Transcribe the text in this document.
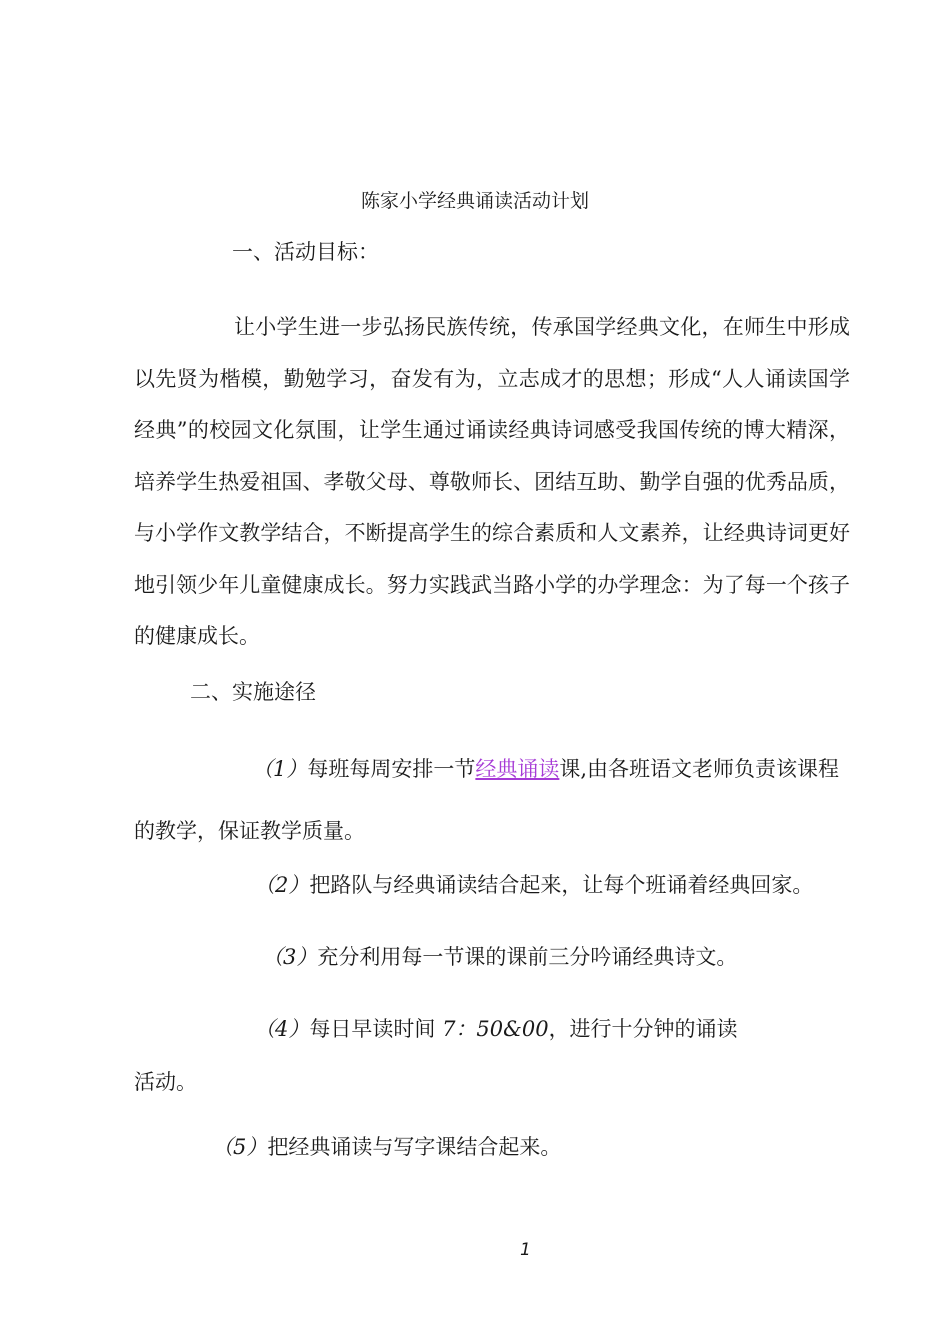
陈家小学经典诵读活动计划
一、活动目标：
让小学生进一步弘扬民族传统，传承国学经典文化，在师生中形成以先贤为楷模，勤勉学习，奋发有为，立志成才的思想；形成“人人诵读国学经典”的校园文化氛围，让学生通过诵读经典诗词感受我国传统的博大精深，培养学生热爱祖国、孝敬父母、尊敬师长、团结互助、勤学自强的优秀品质，与小学作文教学结合，不断提高学生的综合素质和人文素养，让经典诗词更好地引领少年儿童健康成长。努力实践武当路小学的办学理念：为了每一个孩子的健康成长。
二、实施途径
（1）每班每周安排一节经典诵读课,由各班语文老师负责该课程的教学，保证教学质量。
（2）把路队与经典诵读结合起来，让每个班诵着经典回家。
（3）充分利用每一节课的课前三分吟诵经典诗文。
（4）每日早读时间 7：50&00，进行十分钟的诵读
活动。
（5）把经典诵读与写字课结合起来。
1
